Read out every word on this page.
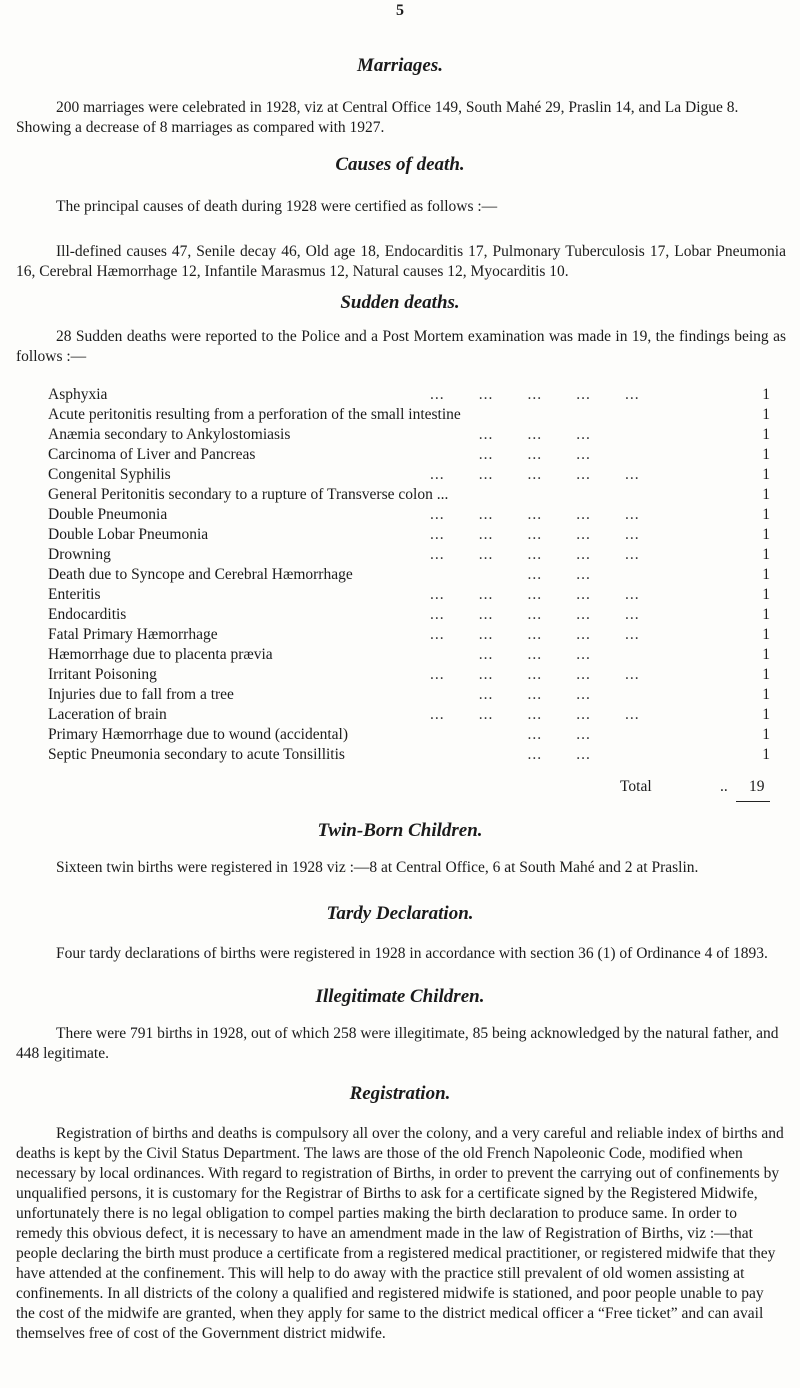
5
Marriages.

200 marriages were celebrated in 1928, viz at Central Office 149, South Mahé 29, Praslin 14, and La Digue 8. Showing a decrease of 8 marriages as compared with 1927.

Causes of death.

The principal causes of death during 1928 were certified as follows :—

Ill-defined causes 47, Senile decay 46, Old age 18, Endocarditis 17, Pulmonary Tuberculosis 17, Lobar Pneumonia 16, Cerebral Hæmorrhage 12, Infantile Marasmus 12, Natural causes 12, Myocarditis 10.

Sudden deaths.

28 Sudden deaths were reported to the Police and a Post Mortem examination was made in 19, the findings being as follows :—

Asphyxia	...       ...       ...       ...       ...	1
Acute peritonitis resulting from a perforation of the small intestine	1
Anæmia secondary to Ankylostomiasis	...       ...       ...	1
Carcinoma of Liver and Pancreas	...       ...       ...	1
Congenital Syphilis	...       ...       ...       ...       ...	1
General Peritonitis secondary to a rupture of Transverse colon ...	1
Double Pneumonia	...       ...       ...       ...       ...	1
Double Lobar Pneumonia	...       ...       ...       ...       ...	1
Drowning	...       ...       ...       ...       ...	1
Death due to Syncope and Cerebral Hæmorrhage	...       ...	1
Enteritis	...       ...       ...       ...       ...	1
Endocarditis	...       ...       ...       ...       ...	1
Fatal Primary Hæmorrhage	...       ...       ...       ...       ...	1
Hæmorrhage due to placenta prævia	...       ...       ...	1
Irritant Poisoning	...       ...       ...       ...       ...	1
Injuries due to fall from a tree	...       ...       ...	1
Laceration of brain	...       ...       ...       ...       ...	1
Primary Hæmorrhage due to wound (accidental)	...       ...	1
Septic Pneumonia secondary to acute Tonsillitis	...       ...	1
Total	.. 19
Twin-Born Children.

Sixteen twin births were registered in 1928 viz :—8 at Central Office, 6 at South Mahé and 2 at Praslin.

Tardy Declaration.

Four tardy declarations of births were registered in 1928 in accordance with section 36 (1) of Ordinance 4 of 1893.

Illegitimate Children.

There were 791 births in 1928, out of which 258 were illegitimate, 85 being acknowledged by the natural father, and 448 legitimate.

Registration.

Registration of births and deaths is compulsory all over the colony, and a very careful and reliable index of births and deaths is kept by the Civil Status Department. The laws are those of the old French Napoleonic Code, modified when necessary by local ordinances. With regard to registration of Births, in order to prevent the carrying out of confinements by unqualified persons, it is customary for the Registrar of Births to ask for a certificate signed by the Registered Midwife, unfortunately there is no legal obligation to compel parties making the birth declaration to produce same. In order to remedy this obvious defect, it is necessary to have an amendment made in the law of Registration of Births, viz :—that people declaring the birth must produce a certificate from a registered medical practitioner, or registered midwife that they have attended at the confinement. This will help to do away with the practice still prevalent of old women assisting at confinements. In all districts of the colony a qualified and registered midwife is stationed, and poor people unable to pay the cost of the midwife are granted, when they apply for same to the district medical officer a “Free ticket” and can avail themselves free of cost of the Government district midwife.
